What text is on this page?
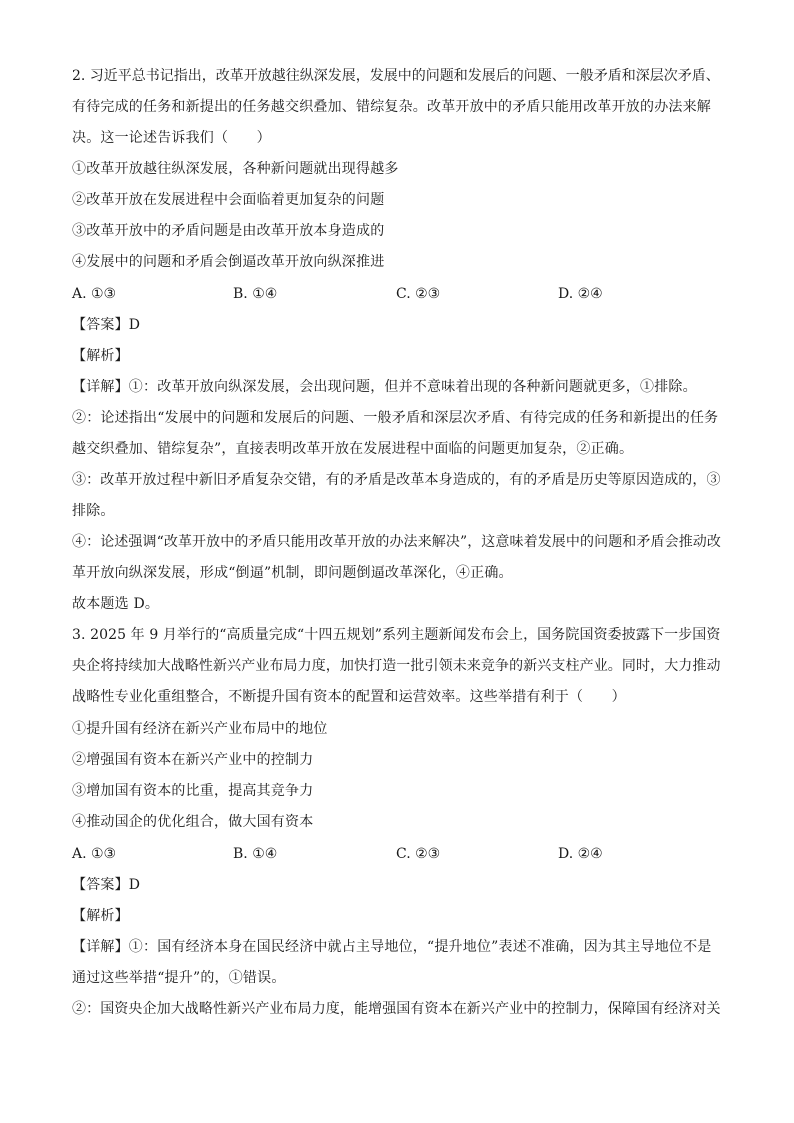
2. 习近平总书记指出，改革开放越往纵深发展，发展中的问题和发展后的问题、一般矛盾和深层次矛盾、
有待完成的任务和新提出的任务越交织叠加、错综复杂。改革开放中的矛盾只能用改革开放的办法来解
决。这一论述告诉我们（　　）
①改革开放越往纵深发展，各种新问题就出现得越多
②改革开放在发展进程中会面临着更加复杂的问题
③改革开放中的矛盾问题是由改革开放本身造成的
④发展中的问题和矛盾会倒逼改革开放向纵深推进
A. ①③	B. ①④	C. ②③	D. ②④
【答案】D
【解析】
【详解】①：改革开放向纵深发展，会出现问题，但并不意味着出现的各种新问题就更多，①排除。
②：论述指出“发展中的问题和发展后的问题、一般矛盾和深层次矛盾、有待完成的任务和新提出的任务
越交织叠加、错综复杂”，直接表明改革开放在发展进程中面临的问题更加复杂，②正确。
③：改革开放过程中新旧矛盾复杂交错，有的矛盾是改革本身造成的，有的矛盾是历史等原因造成的，③
排除。
④：论述强调“改革开放中的矛盾只能用改革开放的办法来解决”，这意味着发展中的问题和矛盾会推动改
革开放向纵深发展，形成“倒逼”机制，即问题倒逼改革深化，④正确。
故本题选 D。
3. 2025 年 9 月举行的“高质量完成“十四五规划”系列主题新闻发布会上，国务院国资委披露下一步国资
央企将持续加大战略性新兴产业布局力度，加快打造一批引领未来竞争的新兴支柱产业。同时，大力推动
战略性专业化重组整合，不断提升国有资本的配置和运营效率。这些举措有利于（　　）
①提升国有经济在新兴产业布局中的地位
②增强国有资本在新兴产业中的控制力
③增加国有资本的比重，提高其竞争力
④推动国企的优化组合，做大国有资本
A. ①③	B. ①④	C. ②③	D. ②④
【答案】D
【解析】
【详解】①：国有经济本身在国民经济中就占主导地位，“提升地位”表述不准确，因为其主导地位不是
通过这些举措“提升”的，①错误。
②：国资央企加大战略性新兴产业布局力度，能增强国有资本在新兴产业中的控制力，保障国有经济对关
